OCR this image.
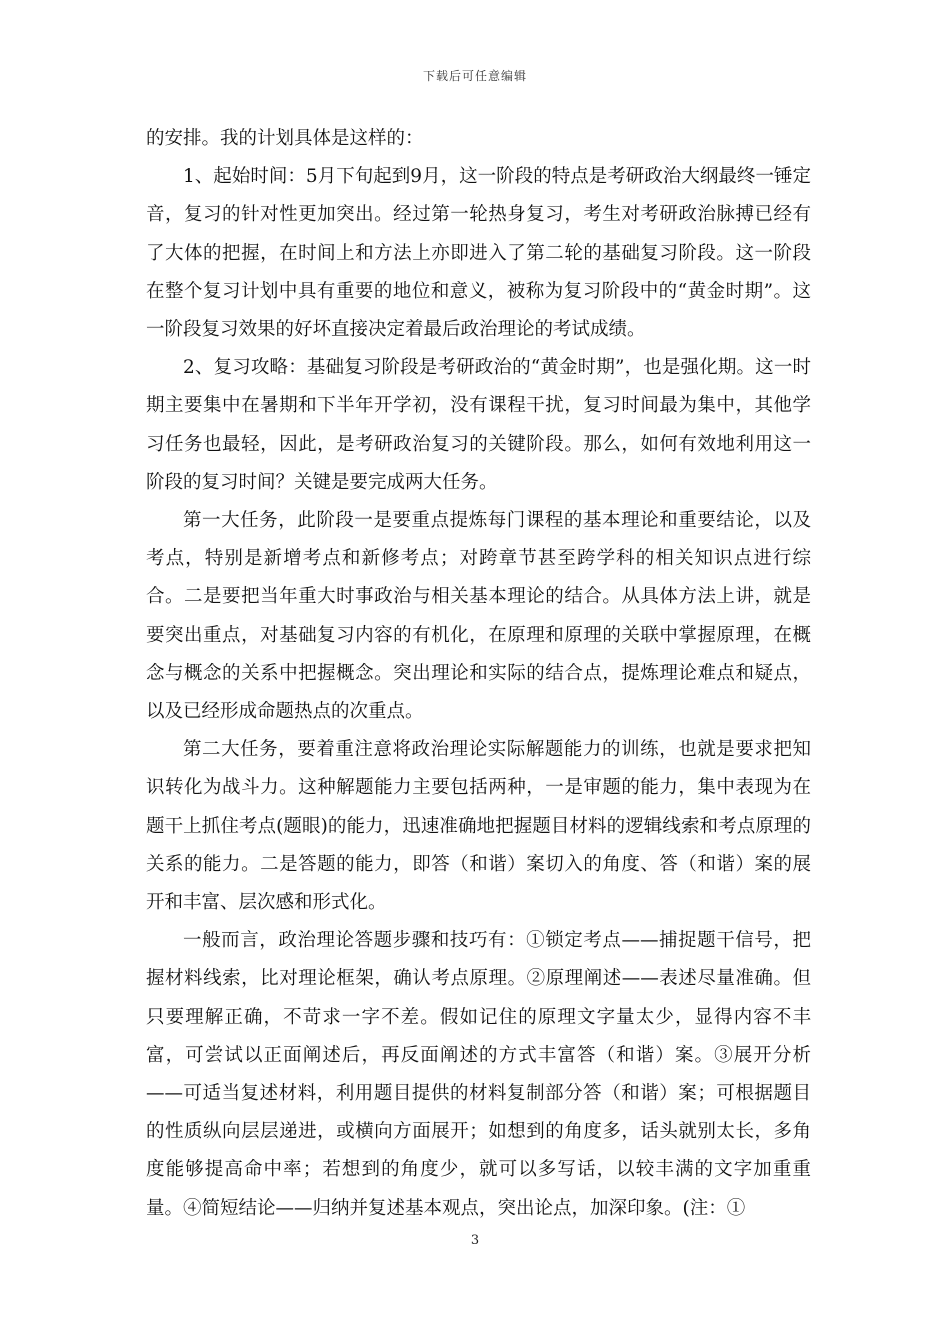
下载后可任意编辑

的安排。我的计划具体是这样的：

1、起始时间：5月下旬起到9月，这一阶段的特点是考研政治大纲最终一锤定音，复习的针对性更加突出。经过第一轮热身复习，考生对考研政治脉搏已经有了大体的把握，在时间上和方法上亦即进入了第二轮的基础复习阶段。这一阶段在整个复习计划中具有重要的地位和意义，被称为复习阶段中的“黄金时期”。这一阶段复习效果的好坏直接决定着最后政治理论的考试成绩。

2、复习攻略：基础复习阶段是考研政治的“黄金时期”，也是强化期。这一时期主要集中在暑期和下半年开学初，没有课程干扰，复习时间最为集中，其他学习任务也最轻，因此，是考研政治复习的关键阶段。那么，如何有效地利用这一阶段的复习时间？关键是要完成两大任务。

第一大任务，此阶段一是要重点提炼每门课程的基本理论和重要结论，以及考点，特别是新增考点和新修考点；对跨章节甚至跨学科的相关知识点进行综合。二是要把当年重大时事政治与相关基本理论的结合。从具体方法上讲，就是要突出重点，对基础复习内容的有机化，在原理和原理的关联中掌握原理，在概念与概念的关系中把握概念。突出理论和实际的结合点，提炼理论难点和疑点，以及已经形成命题热点的次重点。

第二大任务，要着重注意将政治理论实际解题能力的训练，也就是要求把知识转化为战斗力。这种解题能力主要包括两种，一是审题的能力，集中表现为在题干上抓住考点(题眼)的能力，迅速准确地把握题目材料的逻辑线索和考点原理的关系的能力。二是答题的能力，即答（和谐）案切入的角度、答（和谐）案的展开和丰富、层次感和形式化。

一般而言，政治理论答题步骤和技巧有：①锁定考点——捕捉题干信号，把握材料线索，比对理论框架，确认考点原理。②原理阐述——表述尽量准确。但只要理解正确，不苛求一字不差。假如记住的原理文字量太少，显得内容不丰富，可尝试以正面阐述后，再反面阐述的方式丰富答（和谐）案。③展开分析——可适当复述材料，利用题目提供的材料复制部分答（和谐）案；可根据题目的性质纵向层层递进，或横向方面展开；如想到的角度多，话头就别太长，多角度能够提高命中率；若想到的角度少，就可以多写话，以较丰满的文字加重重量。④简短结论——归纳并复述基本观点，突出论点，加深印象。(注：①

3
